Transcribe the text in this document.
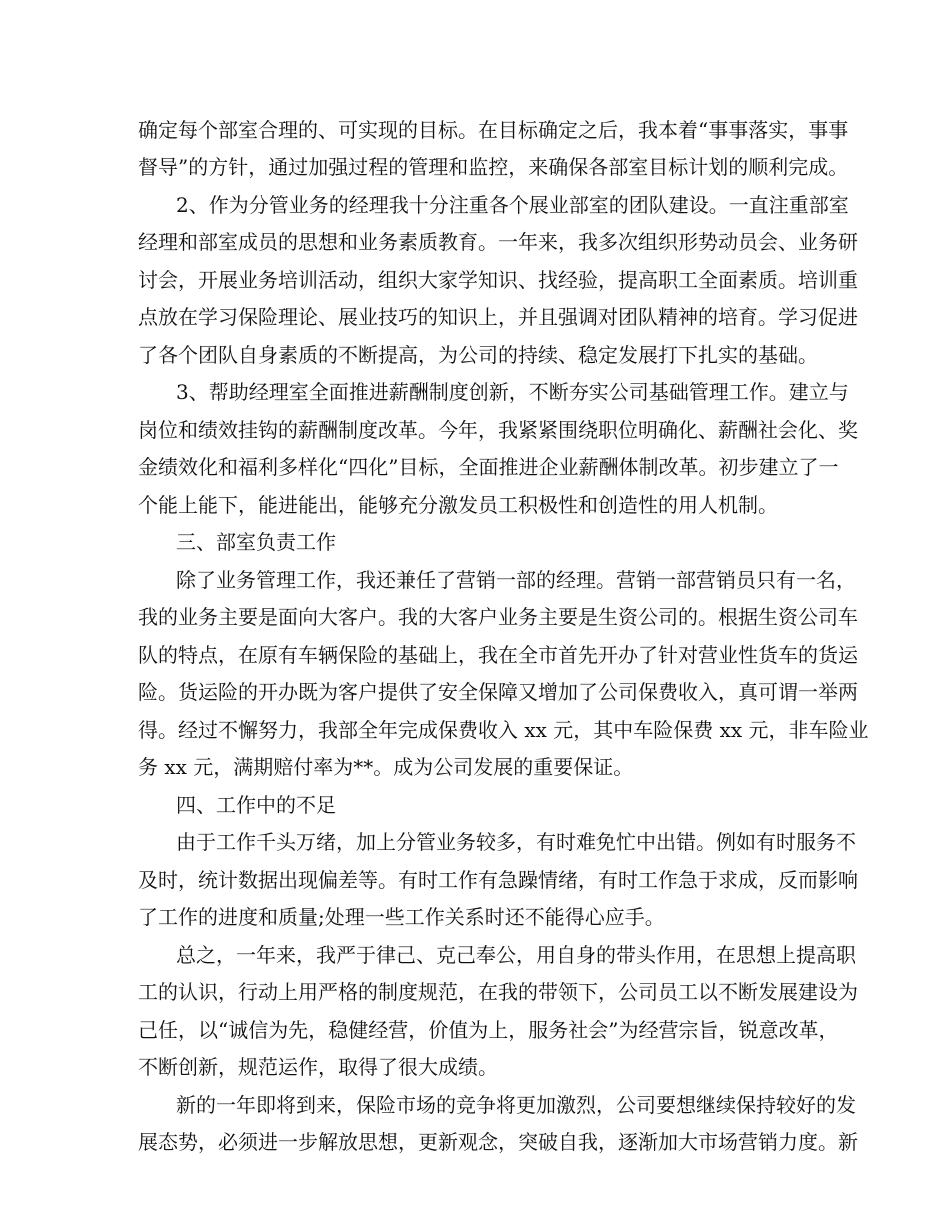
确定每个部室合理的、可实现的目标。在目标确定之后，我本着“事事落实，事事
督导”的方针，通过加强过程的管理和监控，来确保各部室目标计划的顺利完成。
2、作为分管业务的经理我十分注重各个展业部室的团队建设。一直注重部室
经理和部室成员的思想和业务素质教育。一年来，我多次组织形势动员会、业务研
讨会，开展业务培训活动，组织大家学知识、找经验，提高职工全面素质。培训重
点放在学习保险理论、展业技巧的知识上，并且强调对团队精神的培育。学习促进
了各个团队自身素质的不断提高，为公司的持续、稳定发展打下扎实的基础。
3、帮助经理室全面推进薪酬制度创新，不断夯实公司基础管理工作。建立与
岗位和绩效挂钩的薪酬制度改革。今年，我紧紧围绕职位明确化、薪酬社会化、奖
金绩效化和福利多样化“四化”目标，全面推进企业薪酬体制改革。初步建立了一
个能上能下，能进能出，能够充分激发员工积极性和创造性的用人机制。
三、部室负责工作
除了业务管理工作，我还兼任了营销一部的经理。营销一部营销员只有一名，
我的业务主要是面向大客户。我的大客户业务主要是生资公司的。根据生资公司车
队的特点，在原有车辆保险的基础上，我在全市首先开办了针对营业性货车的货运
险。货运险的开办既为客户提供了安全保障又增加了公司保费收入，真可谓一举两
得。经过不懈努力，我部全年完成保费收入 xx 元，其中车险保费 xx 元，非车险业
务 xx 元，满期赔付率为**。成为公司发展的重要保证。
四、工作中的不足
由于工作千头万绪，加上分管业务较多，有时难免忙中出错。例如有时服务不
及时，统计数据出现偏差等。有时工作有急躁情绪，有时工作急于求成，反而影响
了工作的进度和质量;处理一些工作关系时还不能得心应手。
总之，一年来，我严于律己、克己奉公，用自身的带头作用，在思想上提高职
工的认识，行动上用严格的制度规范，在我的带领下，公司员工以不断发展建设为
己任，以“诚信为先，稳健经营，价值为上，服务社会”为经营宗旨，锐意改革，
不断创新，规范运作，取得了很大成绩。
新的一年即将到来，保险市场的竞争将更加激烈，公司要想继续保持较好的发
展态势，必须进一步解放思想，更新观念，突破自我，逐渐加大市场营销力度。新
